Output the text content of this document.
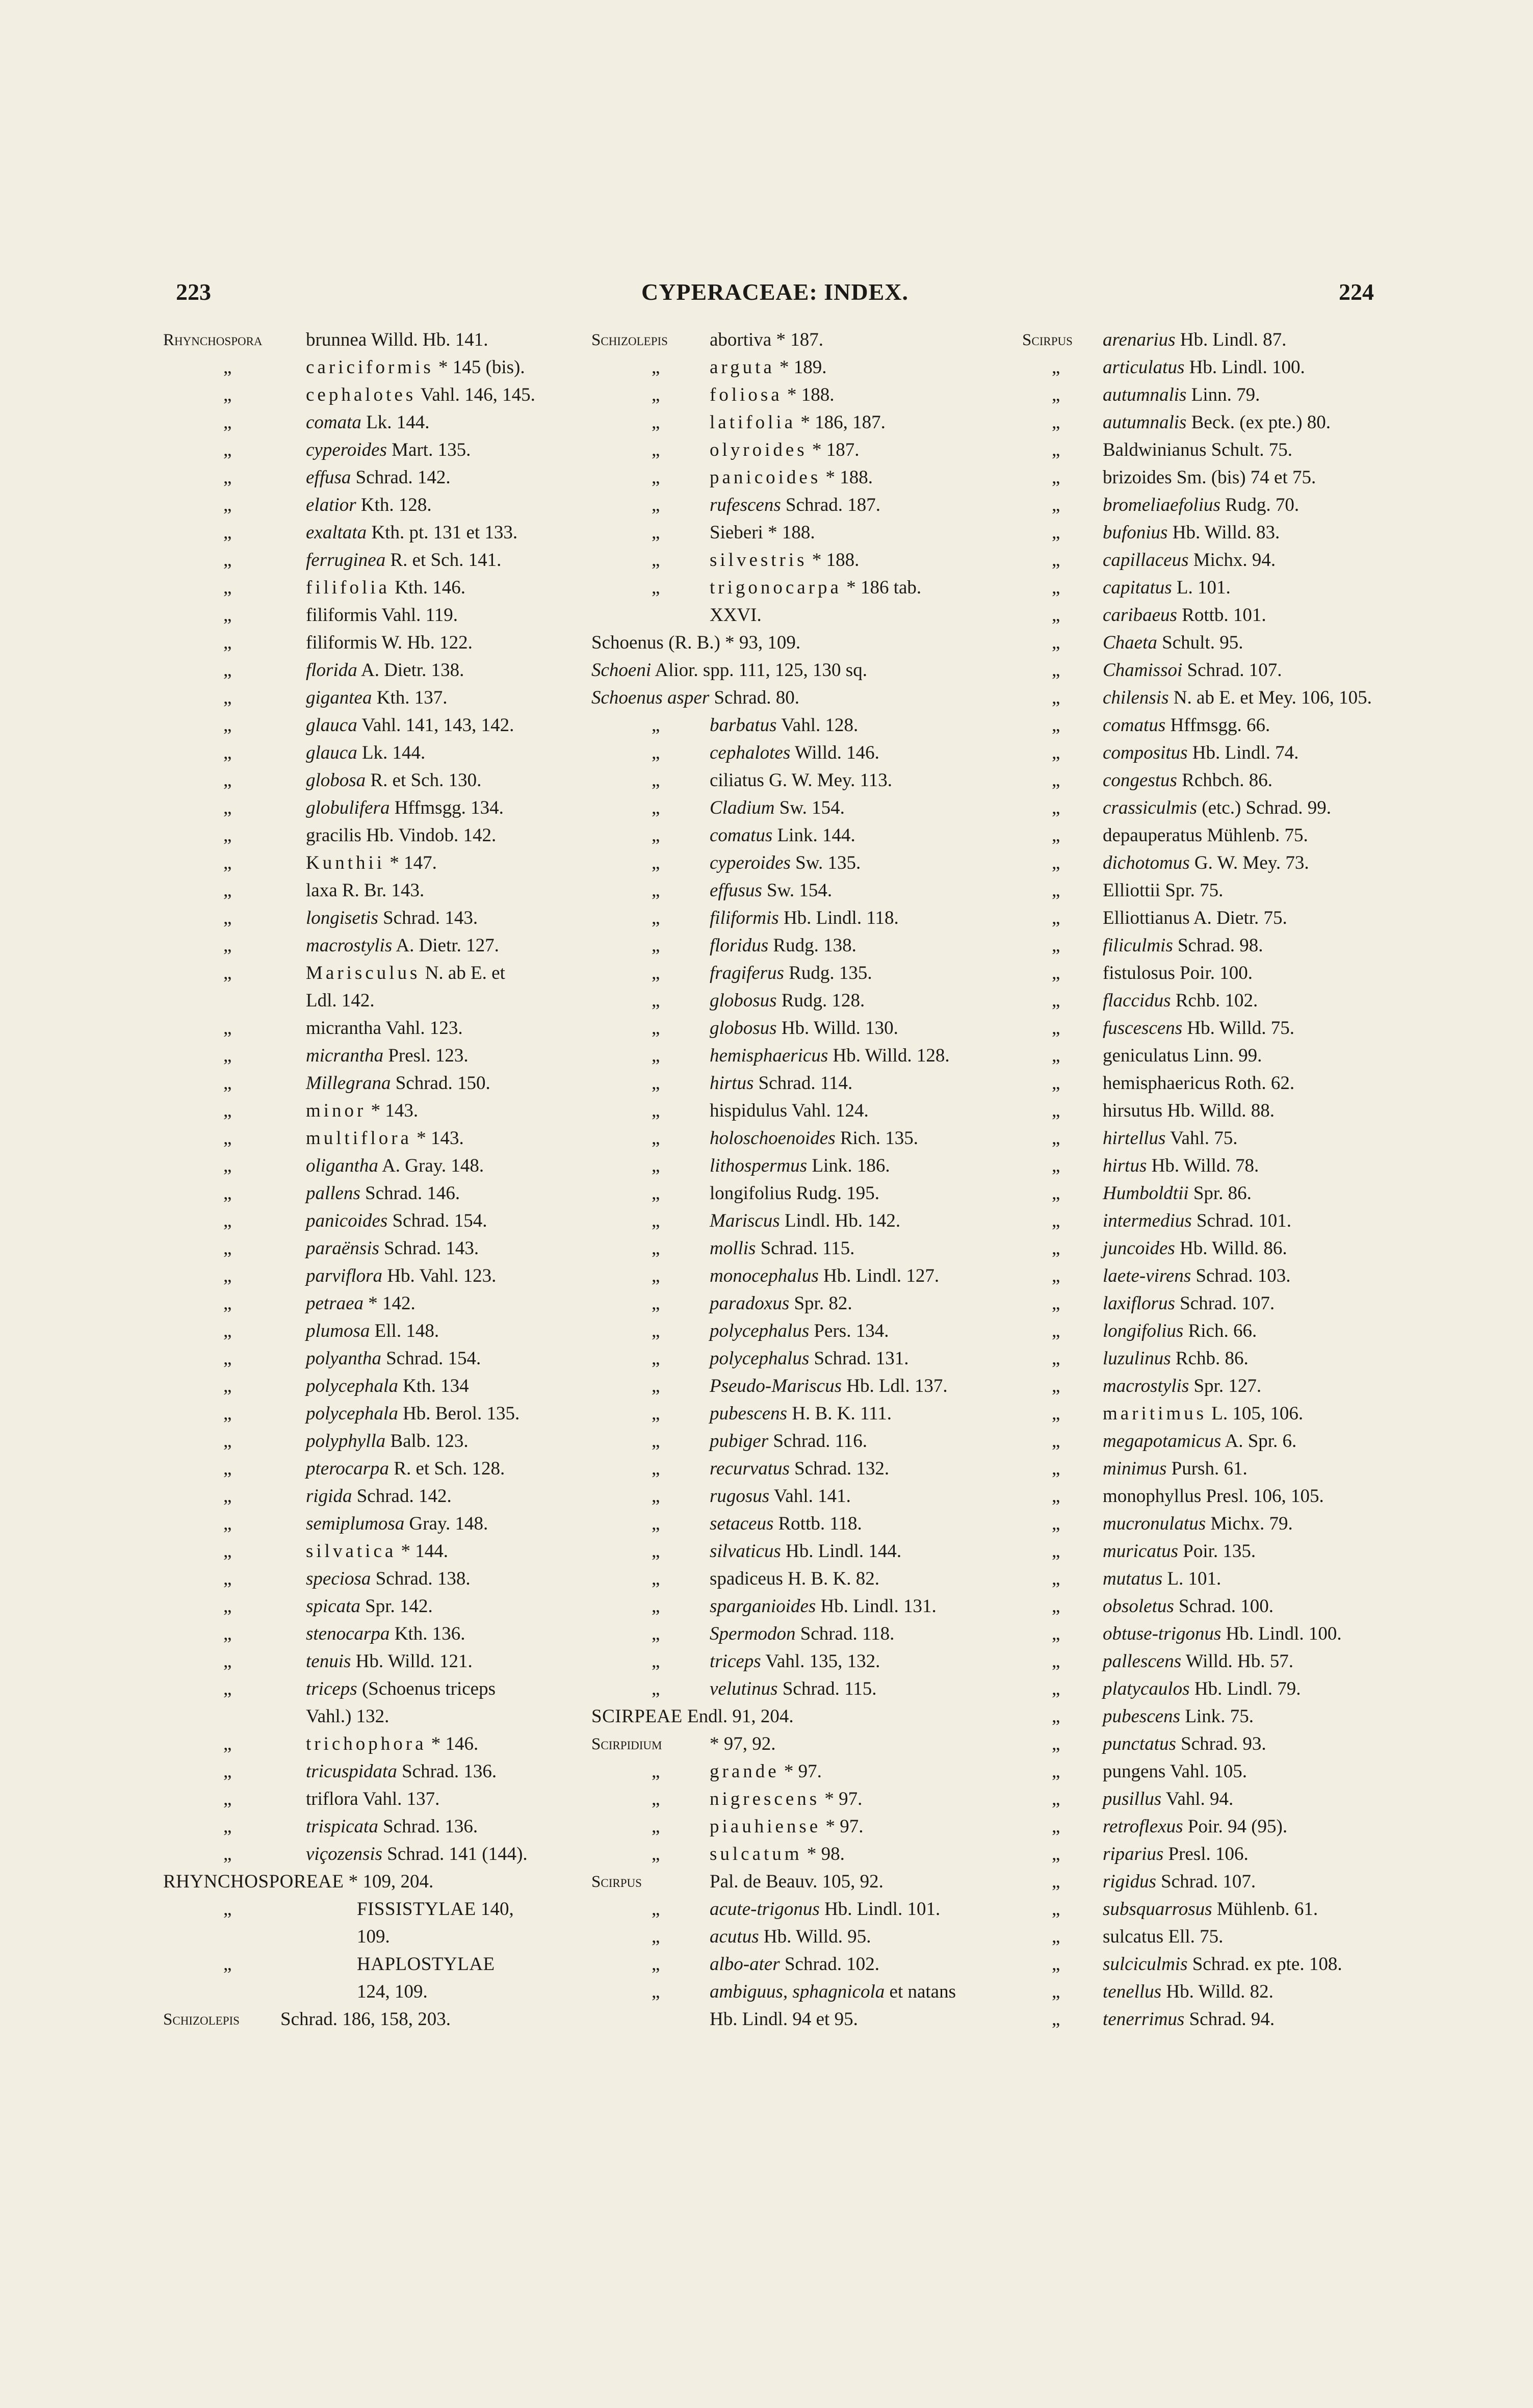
223	CYPERACEAE: INDEX.	224
Rhynchospora brunnea Willd. Hb. 141.
„	cariciformis * 145 (bis).
„	cephalotes Vahl. 146, 145.
„	comata Lk. 144.
„	cyperoides Mart. 135.
„	effusa Schrad. 142.
„	elatior Kth. 128.
„	exaltata Kth. pt. 131 et 133.
„	ferruginea R. et Sch. 141.
„	filifolia Kth. 146.
„	filiformis Vahl. 119.
„	filiformis W. Hb. 122.
„	florida A. Dietr. 138.
„	gigantea Kth. 137.
„	glauca Vahl. 141, 143, 142.
„	glauca Lk. 144.
„	globosa R. et Sch. 130.
„	globulifera Hffmsgg. 134.
„	gracilis Hb. Vindob. 142.
„	Kunthii * 147.
„	laxa R. Br. 143.
„	longisetis Schrad. 143.
„	macrostylis A. Dietr. 127.
„	Marisculus N. ab E. et
Ldl. 142.
„	micrantha Vahl. 123.
„	micrantha Presl. 123.
„	Millegrana Schrad. 150.
„	minor * 143.
„	multiflora * 143.
„	oligantha A. Gray. 148.
„	pallens Schrad. 146.
„	panicoides Schrad. 154.
„	paraënsis Schrad. 143.
„	parviflora Hb. Vahl. 123.
„	petraea * 142.
„	plumosa Ell. 148.
„	polyantha Schrad. 154.
„	polycephala Kth. 134
„	polycephala Hb. Berol. 135.
„	polyphylla Balb. 123.
„	pterocarpa R. et Sch. 128.
„	rigida Schrad. 142.
„	semiplumosa Gray. 148.
„	silvatica * 144.
„	speciosa Schrad. 138.
„	spicata Spr. 142.
„	stenocarpa Kth. 136.
„	tenuis Hb. Willd. 121.
„	triceps (Schoenus triceps
Vahl.) 132.
„	trichophora * 146.
„	tricuspidata Schrad. 136.
„	triflora Vahl. 137.
„	trispicata Schrad. 136.
„	viçozensis Schrad. 141 (144).
RHYNCHOSPOREAE * 109, 204.
„	FISSISTYLAE 140,
109.
„	HAPLOSTYLAE
124, 109.
Schizolepis Schrad. 186, 158, 203.
Schizolepis abortiva * 187.
„	arguta * 189.
„	foliosa * 188.
„	latifolia * 186, 187.
„	olyroides * 187.
„	panicoides * 188.
„	rufescens Schrad. 187.
„	Sieberi * 188.
„	silvestris * 188.
„	trigonocarpa * 186 tab.
XXVI.
Schoenus (R. B.) * 93, 109.
Schoeni Alior. spp. 111, 125, 130 sq.
Schoenus asper Schrad. 80.
„	barbatus Vahl. 128.
„	cephalotes Willd. 146.
„	ciliatus G. W. Mey. 113.
„	Cladium Sw. 154.
„	comatus Link. 144.
„	cyperoides Sw. 135.
„	effusus Sw. 154.
„	filiformis Hb. Lindl. 118.
„	floridus Rudg. 138.
„	fragiferus Rudg. 135.
„	globosus Rudg. 128.
„	globosus Hb. Willd. 130.
„	hemisphaericus Hb. Willd. 128.
„	hirtus Schrad. 114.
„	hispidulus Vahl. 124.
„	holoschoenoides Rich. 135.
„	lithospermus Link. 186.
„	longifolius Rudg. 195.
„	Mariscus Lindl. Hb. 142.
„	mollis Schrad. 115.
„	monocephalus Hb. Lindl. 127.
„	paradoxus Spr. 82.
„	polycephalus Pers. 134.
„	polycephalus Schrad. 131.
„	Pseudo-Mariscus Hb. Ldl. 137.
„	pubescens H. B. K. 111.
„	pubiger Schrad. 116.
„	recurvatus Schrad. 132.
„	rugosus Vahl. 141.
„	setaceus Rottb. 118.
„	silvaticus Hb. Lindl. 144.
„	spadiceus H. B. K. 82.
„	sparganioides Hb. Lindl. 131.
„	Spermodon Schrad. 118.
„	triceps Vahl. 135, 132.
„	velutinus Schrad. 115.
SCIRPEAE Endl. 91, 204.
Scirpidium	* 97, 92.
„	grande * 97.
„	nigrescens * 97.
„	piauhiense * 97.
„	sulcatum * 98.
Scirpus	Pal. de Beauv. 105, 92.
„	acute-trigonus Hb. Lindl. 101.
„	acutus Hb. Willd. 95.
„	albo-ater Schrad. 102.
„	ambiguus, sphagnicola et natans
Hb. Lindl. 94 et 95.
Scirpus arenarius Hb. Lindl. 87.
„ articulatus Hb. Lindl. 100.
„ autumnalis Linn. 79.
„ autumnalis Beck. (ex pte.) 80.
„ Baldwinianus Schult. 75.
„ brizoides Sm. (bis) 74 et 75.
„ bromeliaefolius Rudg. 70.
„ bufonius Hb. Willd. 83.
„ capillaceus Michx. 94.
„ capitatus L. 101.
„ caribaeus Rottb. 101.
„ Chaeta Schult. 95.
„ Chamissoi Schrad. 107.
„ chilensis N. ab E. et Mey. 106, 105.
„ comatus Hffmsgg. 66.
„ compositus Hb. Lindl. 74.
„ congestus Rchbch. 86.
„ crassiculmis (etc.) Schrad. 99.
„ depauperatus Mühlenb. 75.
„ dichotomus G. W. Mey. 73.
„ Elliottii Spr. 75.
„ Elliottianus A. Dietr. 75.
„ filiculmis Schrad. 98.
„ fistulosus Poir. 100.
„ flaccidus Rchb. 102.
„ fuscescens Hb. Willd. 75.
„ geniculatus Linn. 99.
„ hemisphaericus Roth. 62.
„ hirsutus Hb. Willd. 88.
„ hirtellus Vahl. 75.
„ hirtus Hb. Willd. 78.
„ Humboldtii Spr. 86.
„ intermedius Schrad. 101.
„ juncoides Hb. Willd. 86.
„ laete-virens Schrad. 103.
„ laxiflorus Schrad. 107.
„ longifolius Rich. 66.
„ luzulinus Rchb. 86.
„ macrostylis Spr. 127.
„ maritimus L. 105, 106.
„ megapotamicus A. Spr. 6.
„ minimus Pursh. 61.
„ monophyllus Presl. 106, 105.
„ mucronulatus Michx. 79.
„ muricatus Poir. 135.
„ mutatus L. 101.
„ obsoletus Schrad. 100.
„ obtuse-trigonus Hb. Lindl. 100.
„ pallescens Willd. Hb. 57.
„ platycaulos Hb. Lindl. 79.
„ pubescens Link. 75.
„ punctatus Schrad. 93.
„ pungens Vahl. 105.
„ pusillus Vahl. 94.
„ retroflexus Poir. 94 (95).
„ riparius Presl. 106.
„ rigidus Schrad. 107.
„ subsquarrosus Mühlenb. 61.
„ sulcatus Ell. 75.
„ sulciculmis Schrad. ex pte. 108.
„ tenellus Hb. Willd. 82.
„ tenerrimus Schrad. 94.
